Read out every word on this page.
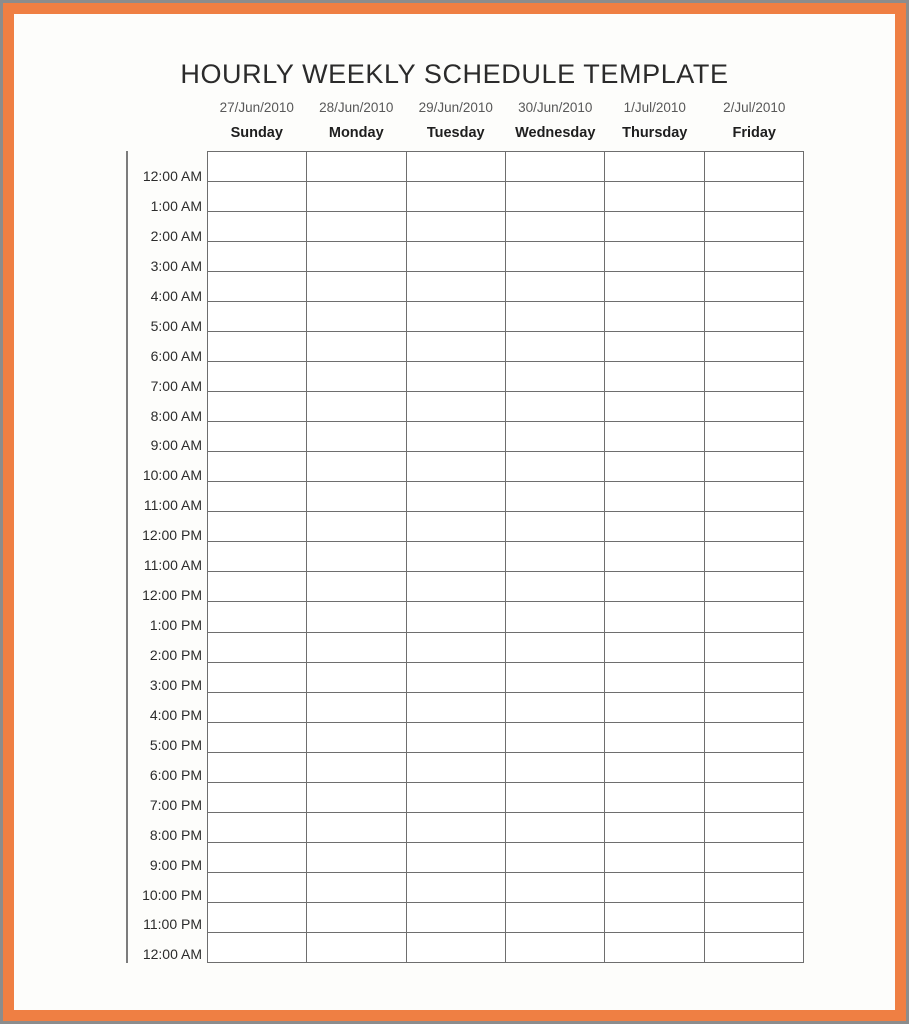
HOURLY WEEKLY SCHEDULE TEMPLATE
27/Jun/2010	28/Jun/2010	29/Jun/2010	30/Jun/2010	1/Jul/2010	2/Jul/2010
Sunday	Monday	Tuesday	Wednesday	Thursday	Friday
12:00 AM
1:00 AM
2:00 AM
3:00 AM
4:00 AM
5:00 AM
6:00 AM
7:00 AM
8:00 AM
9:00 AM
10:00 AM
11:00 AM
12:00 PM
11:00 AM
12:00 PM
1:00 PM
2:00 PM
3:00 PM
4:00 PM
5:00 PM
6:00 PM
7:00 PM
8:00 PM
9:00 PM
10:00 PM
11:00 PM
12:00 AM
